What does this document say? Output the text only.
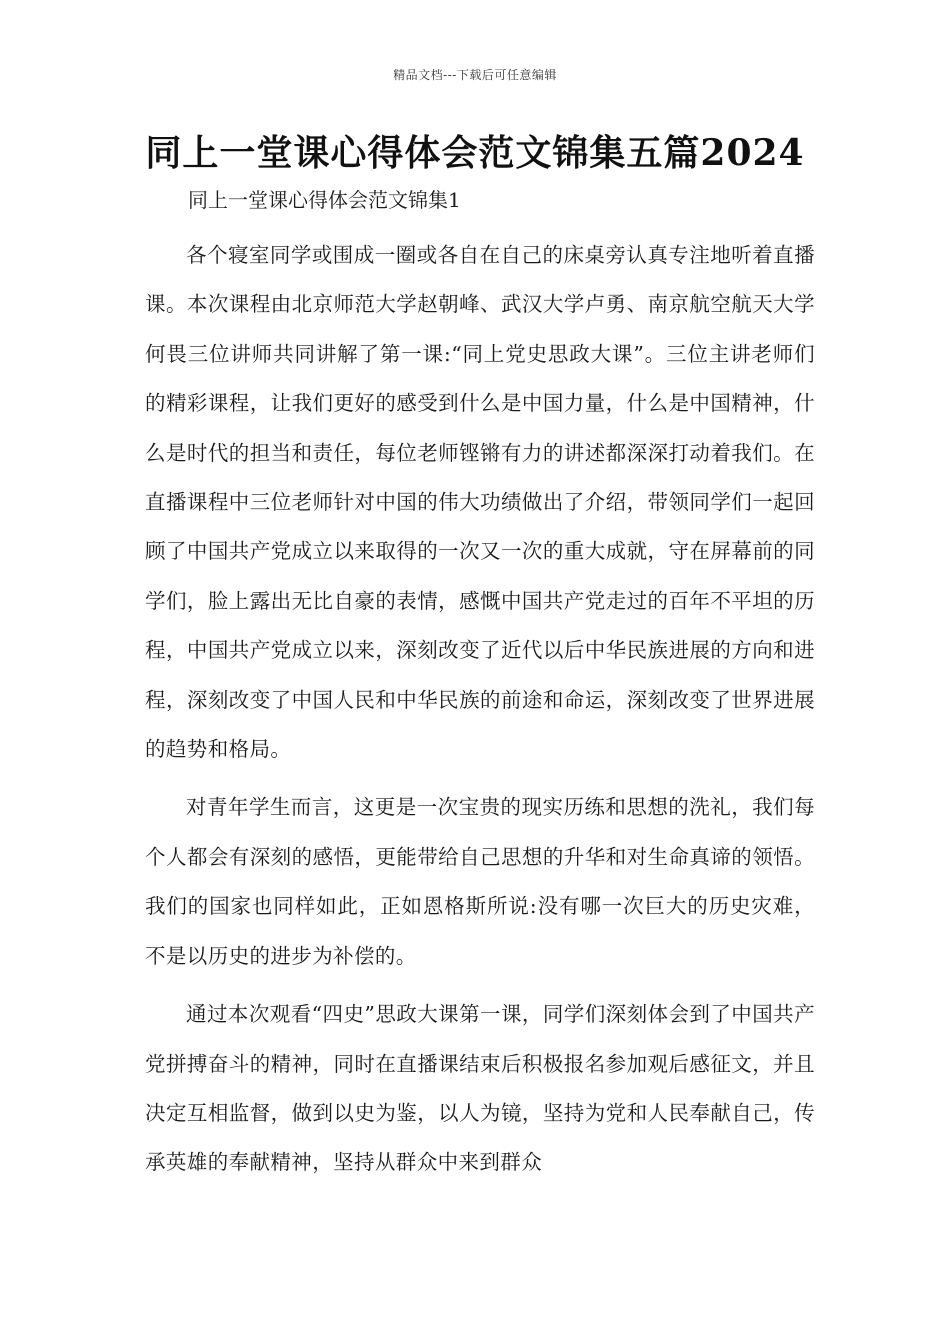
精品文档---下载后可任意编辑
同上一堂课心得体会范文锦集五篇2024
同上一堂课心得体会范文锦集1

各个寝室同学或围成一圈或各自在自己的床桌旁认真专注地听着直播课。本次课程由北京师范大学赵朝峰、武汉大学卢勇、南京航空航天大学何畏三位讲师共同讲解了第一课:“同上党史思政大课”。三位主讲老师们的精彩课程，让我们更好的感受到什么是中国力量，什么是中国精神，什么是时代的担当和责任，每位老师铿锵有力的讲述都深深打动着我们。在直播课程中三位老师针对中国的伟大功绩做出了介绍，带领同学们一起回顾了中国共产党成立以来取得的一次又一次的重大成就，守在屏幕前的同学们，脸上露出无比自豪的表情，感慨中国共产党走过的百年不平坦的历程，中国共产党成立以来，深刻改变了近代以后中华民族进展的方向和进程，深刻改变了中国人民和中华民族的前途和命运，深刻改变了世界进展的趋势和格局。

对青年学生而言，这更是一次宝贵的现实历练和思想的洗礼，我们每个人都会有深刻的感悟，更能带给自己思想的升华和对生命真谛的领悟。我们的国家也同样如此，正如恩格斯所说:没有哪一次巨大的历史灾难，不是以历史的进步为补偿的。

通过本次观看“四史”思政大课第一课，同学们深刻体会到了中国共产党拼搏奋斗的精神，同时在直播课结束后积极报名参加观后感征文，并且决定互相监督，做到以史为鉴，以人为镜，坚持为党和人民奉献自己，传承英雄的奉献精神，坚持从群众中来到群众
